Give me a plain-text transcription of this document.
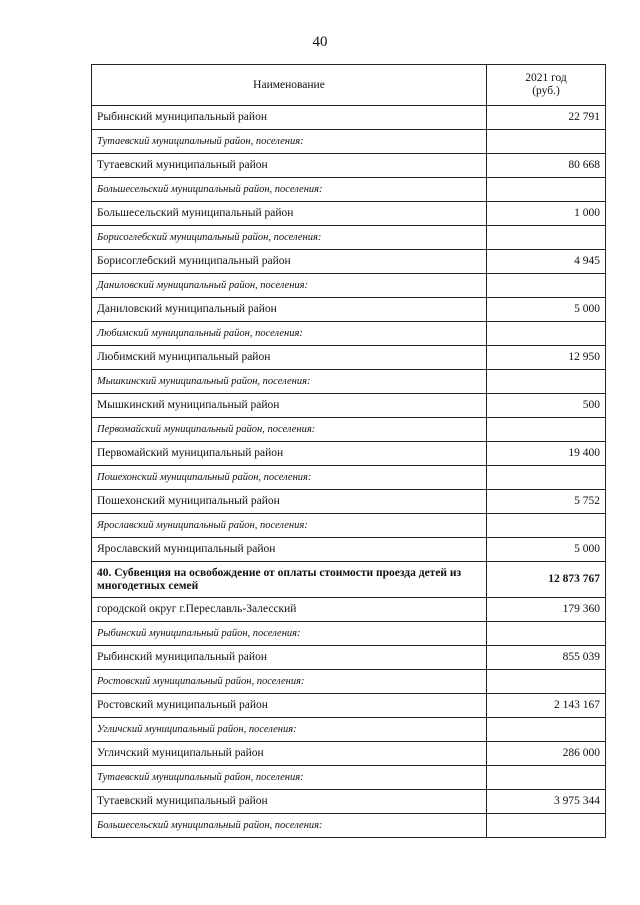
40
Наименование	2021 год
(руб.)

Рыбинский муниципальный район	22 791
Тутаевский муниципальный район, поселения:	
Тутаевский муниципальный район	80 668
Большесельский муниципальный район, поселения:	
Большесельский муниципальный район	1 000
Борисоглебский муниципальный район, поселения:	
Борисоглебский муниципальный район	4 945
Даниловский муниципальный район, поселения:	
Даниловский муниципальный район	5 000
Любимский муниципальный район, поселения:	
Любимский муниципальный район	12 950
Мышкинский муниципальный район, поселения:	
Мышкинский муниципальный район	500
Первомайский муниципальный район, поселения:	
Первомайский муниципальный район	19 400
Пошехонский муниципальный район, поселения:	
Пошехонский муниципальный район	5 752
Ярославский муниципальный район, поселения:	
Ярославский муниципальный район	5 000
40. Субвенция на освобождение от оплаты стоимости проезда детей из многодетных семей	12 873 767
городской округ г.Переславль-Залесский	179 360
Рыбинский муниципальный район, поселения:	
Рыбинский муниципальный район	855 039
Ростовский муниципальный район, поселения:	
Ростовский муниципальный район	2 143 167
Угличский муниципальный район, поселения:	
Угличский муниципальный район	286 000
Тутаевский муниципальный район, поселения:	
Тутаевский муниципальный район	3 975 344
Большесельский муниципальный район, поселения:	
